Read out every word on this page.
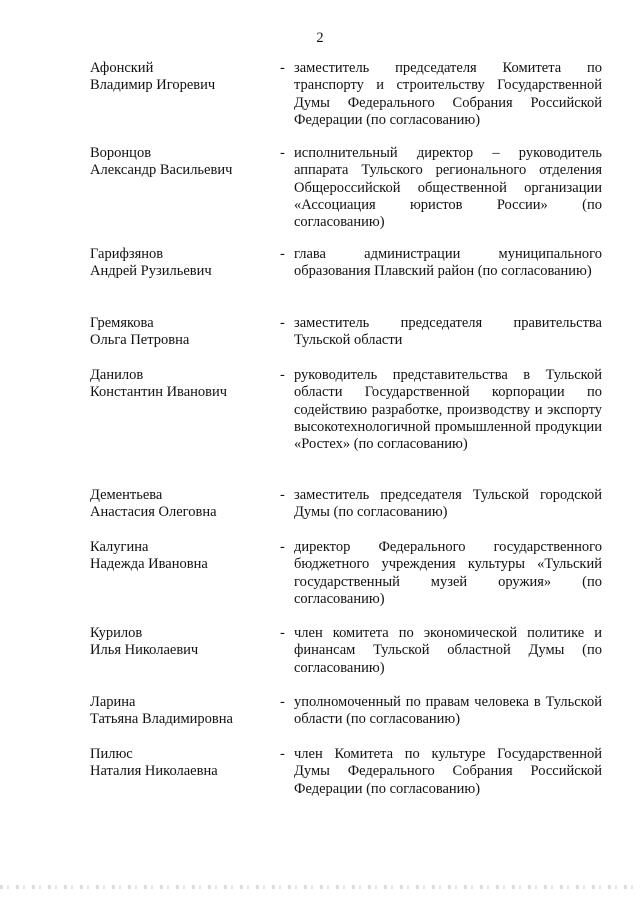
2
Афонский
Владимир Игоревич
- заместитель председателя Комитета по транспорту и строительству Государственной Думы Федерального Собрания Российской Федерации (по согласованию)
Воронцов
Александр Васильевич
- исполнительный директор – руководитель аппарата Тульского регионального отделения Общероссийской общественной организации «Ассоциация юристов России» (по согласованию)
Гарифзянов
Андрей Рузильевич
- глава администрации муниципального образования Плавский район (по согласованию)
Гремякова
Ольга Петровна
- заместитель председателя правительства Тульской области
Данилов
Константин Иванович
- руководитель представительства в Тульской области Государственной корпорации по содействию разработке, производству и экспорту высокотехнологичной промышленной продукции «Ростех» (по согласованию)
Дементьева
Анастасия Олеговна
- заместитель председателя Тульской городской Думы (по согласованию)
Калугина
Надежда Ивановна
- директор Федерального государственного бюджетного учреждения культуры «Тульский государственный музей оружия» (по согласованию)
Курилов
Илья Николаевич
- член комитета по экономической политике и финансам Тульской областной Думы (по согласованию)
Ларина
Татьяна Владимировна
- уполномоченный по правам человека в Тульской области (по согласованию)
Пилюс
Наталия Николаевна
- член Комитета по культуре Государственной Думы Федерального Собрания Российской Федерации (по согласованию)
